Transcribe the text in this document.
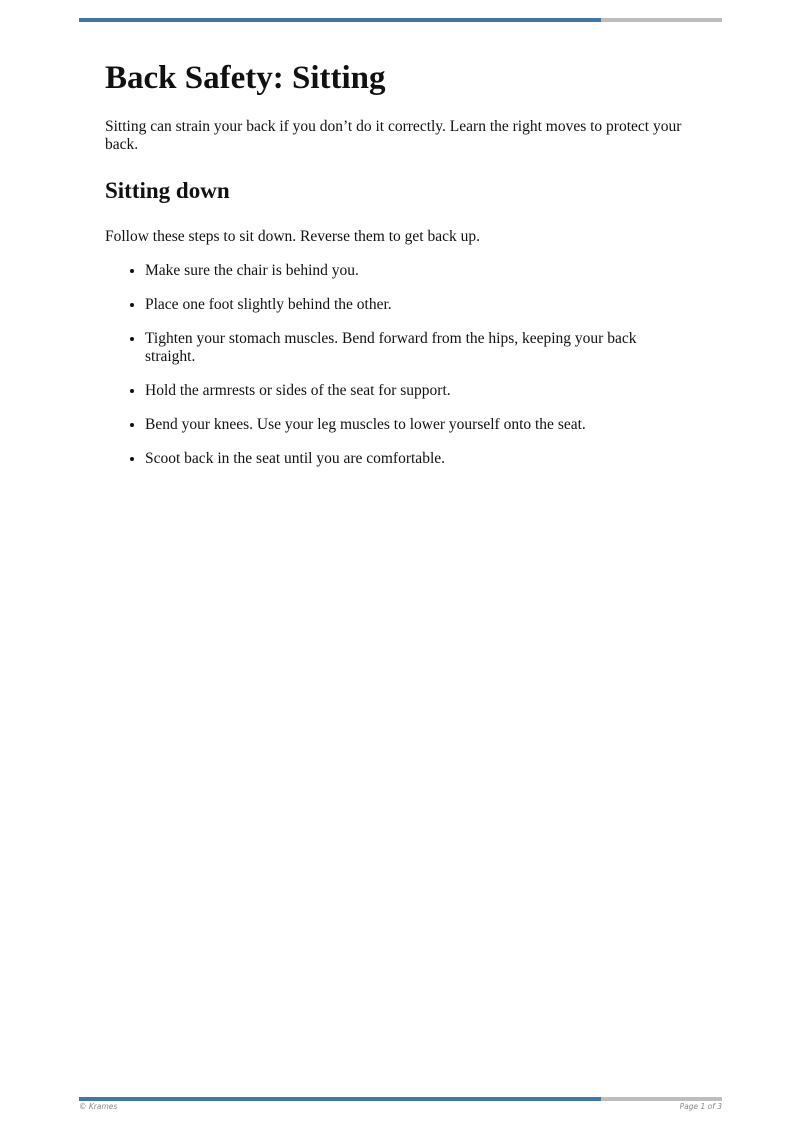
Back Safety: Sitting

Sitting can strain your back if you don’t do it correctly. Learn the right moves to protect your back.

Sitting down

Follow these steps to sit down. Reverse them to get back up.

• Make sure the chair is behind you.
• Place one foot slightly behind the other.
• Tighten your stomach muscles. Bend forward from the hips, keeping your back straight.
• Hold the armrests or sides of the seat for support.
• Bend your knees. Use your leg muscles to lower yourself onto the seat.
• Scoot back in the seat until you are comfortable.
© Krames	Page 1 of 3
